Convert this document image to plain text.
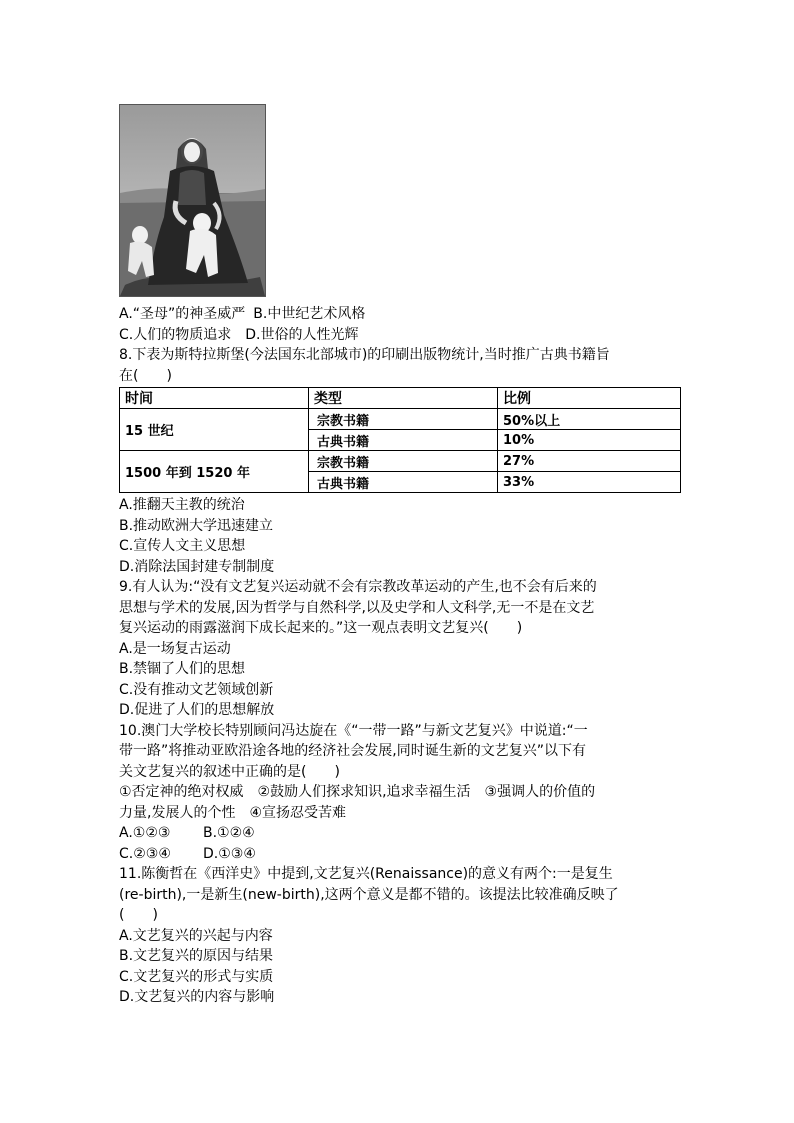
A.“圣母”的神圣威严 B.中世纪艺术风格
C.人们的物质追求 D.世俗的人性光辉
8.下表为斯特拉斯堡(今法国东北部城市)的印刷出版物统计,当时推广古典书籍旨
在(　　)
时间	类型	比例
15 世纪	宗教书籍	50%以上
	古典书籍	10%
1500 年到 1520 年	宗教书籍	27%
	古典书籍	33%
A.推翻天主教的统治
B.推动欧洲大学迅速建立
C.宣传人文主义思想
D.消除法国封建专制制度
9.有人认为:“没有文艺复兴运动就不会有宗教改革运动的产生,也不会有后来的
思想与学术的发展,因为哲学与自然科学,以及史学和人文科学,无一不是在文艺
复兴运动的雨露滋润下成长起来的。”这一观点表明文艺复兴(　　)
A.是一场复古运动
B.禁锢了人们的思想
C.没有推动文艺领域创新
D.促进了人们的思想解放
10.澳门大学校长特别顾问冯达旋在《“一带一路”与新文艺复兴》中说道:“一
带一路”将推动亚欧沿途各地的经济社会发展,同时诞生新的文艺复兴”以下有
关文艺复兴的叙述中正确的是(　　)
①否定神的绝对权威　②鼓励人们探求知识,追求幸福生活　③强调人的价值的
力量,发展人的个性　④宣扬忍受苦难
A.①②③ B.①②④
C.②③④ D.①③④
11.陈衡哲在《西洋史》中提到,文艺复兴(Renaissance)的意义有两个:一是复生
(re-birth),一是新生(new-birth),这两个意义是都不错的。该提法比较准确反映了
(　　)
A.文艺复兴的兴起与内容
B.文艺复兴的原因与结果
C.文艺复兴的形式与实质
D.文艺复兴的内容与影响
